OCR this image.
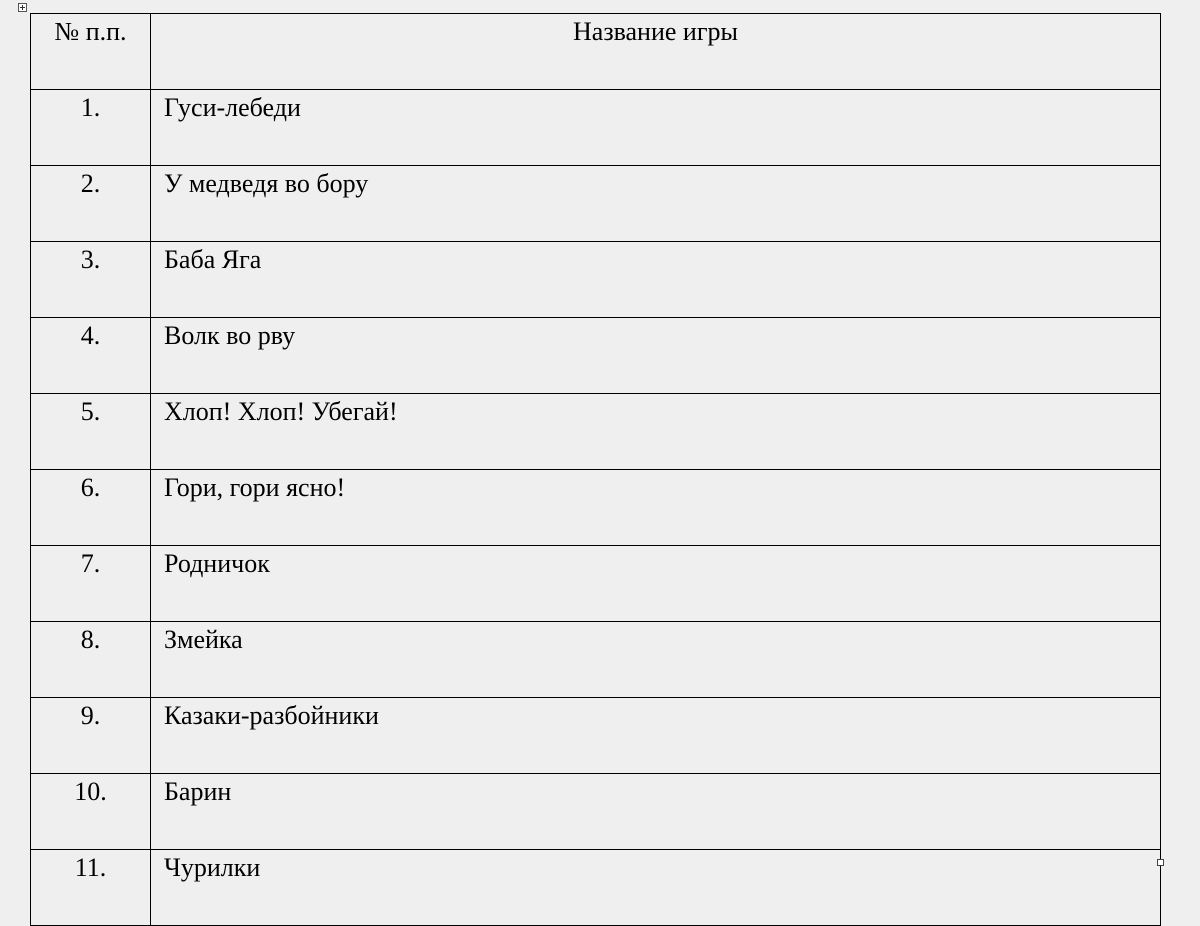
№ п.п.	Название игры
1.	Гуси-лебеди
2.	У медведя во бору
3.	Баба Яга
4.	Волк во рву
5.	Хлоп! Хлоп! Убегай!
6.	Гори, гори ясно!
7.	Родничок
8.	Змейка
9.	Казаки-разбойники
10.	Барин
11.	Чурилки
